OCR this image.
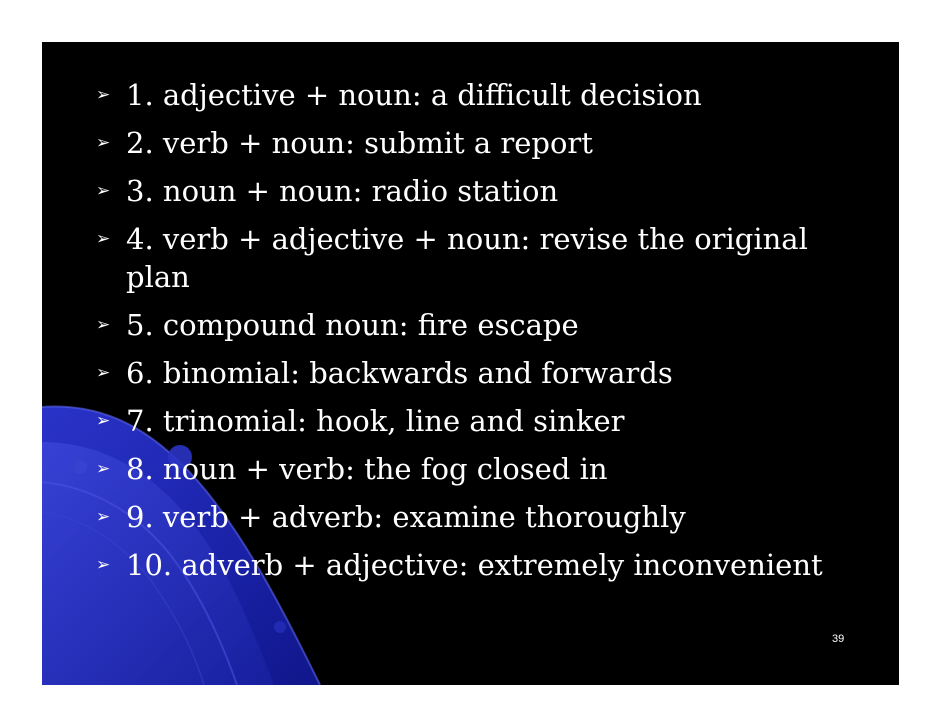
➢ 1. adjective + noun: a difficult decision
➢ 2. verb + noun: submit a report
➢ 3. noun + noun: radio station
➢ 4. verb + adjective + noun: revise the original plan
➢ 5. compound noun: fire escape
➢ 6. binomial: backwards and forwards
➢ 7. trinomial: hook, line and sinker
➢ 8. noun + verb: the fog closed in
➢ 9. verb + adverb: examine thoroughly
➢ 10. adverb + adjective: extremely inconvenient
39
